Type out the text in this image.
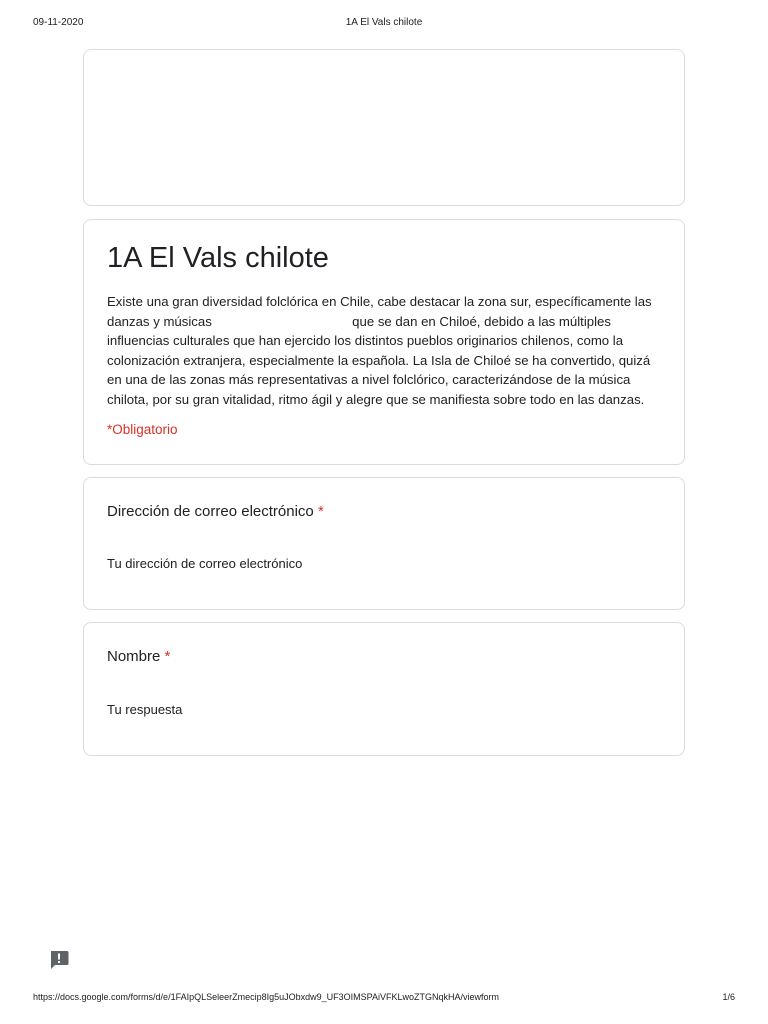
09-11-2020	1A El Vals chilote
1A El Vals chilote

Existe una gran diversidad folclórica en Chile, cabe destacar la zona sur, específicamente las danzas y músicas	que se dan en Chiloé, debido a las múltiples influencias culturales que han ejercido los distintos pueblos originarios chilenos, como la colonización extranjera, especialmente la española. La Isla de Chiloé se ha convertido, quizá en una de las zonas más representativas a nivel folclórico, caracterizándose de la música chilota, por su gran vitalidad, ritmo ágil y alegre que se manifiesta sobre todo en las danzas.

*Obligatorio
Dirección de correo electrónico *
Tu dirección de correo electrónico
Nombre *
Tu respuesta
https://docs.google.com/forms/d/e/1FAIpQLSeleerZmecip8Ig5uJObxdw9_UF3OIMSPAiVFKLwoZTGNqkHA/viewform	1/6
